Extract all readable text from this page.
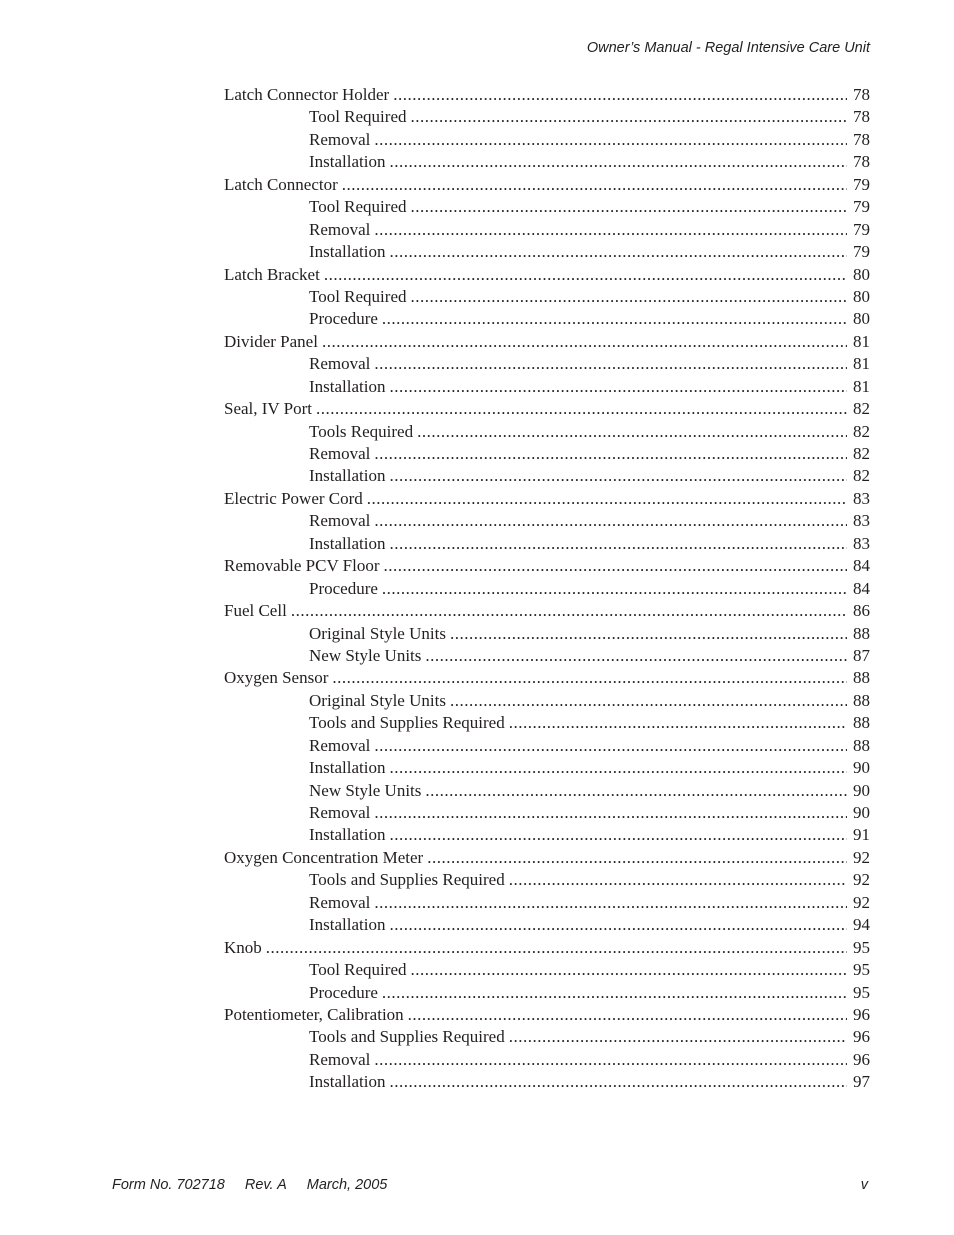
Owner’s Manual - Regal Intensive Care Unit
Latch Connector Holder .....	78
Tool Required .....	78
Removal .....	78
Installation .....	78
Latch Connector .....	79
Tool Required .....	79
Removal .....	79
Installation .....	79
Latch Bracket .....	80
Tool Required .....	80
Procedure .....	80
Divider Panel .....	81
Removal .....	81
Installation .....	81
Seal, IV Port .....	82
Tools Required .....	82
Removal .....	82
Installation .....	82
Electric Power Cord .....	83
Removal .....	83
Installation .....	83
Removable PCV Floor .....	84
Procedure .....	84
Fuel Cell .....	86
Original Style Units .....	88
New Style Units .....	87
Oxygen Sensor .....	88
Original Style Units .....	88
Tools and Supplies Required .....	88
Removal .....	88
Installation .....	90
New Style Units .....	90
Removal .....	90
Installation .....	91
Oxygen Concentration Meter .....	92
Tools and Supplies Required .....	92
Removal .....	92
Installation .....	94
Knob .....	95
Tool Required .....	95
Procedure .....	95
Potentiometer, Calibration .....	96
Tools and Supplies Required .....	96
Removal .....	96
Installation .....	97
Form No. 702718 Rev. A March, 2005	v
